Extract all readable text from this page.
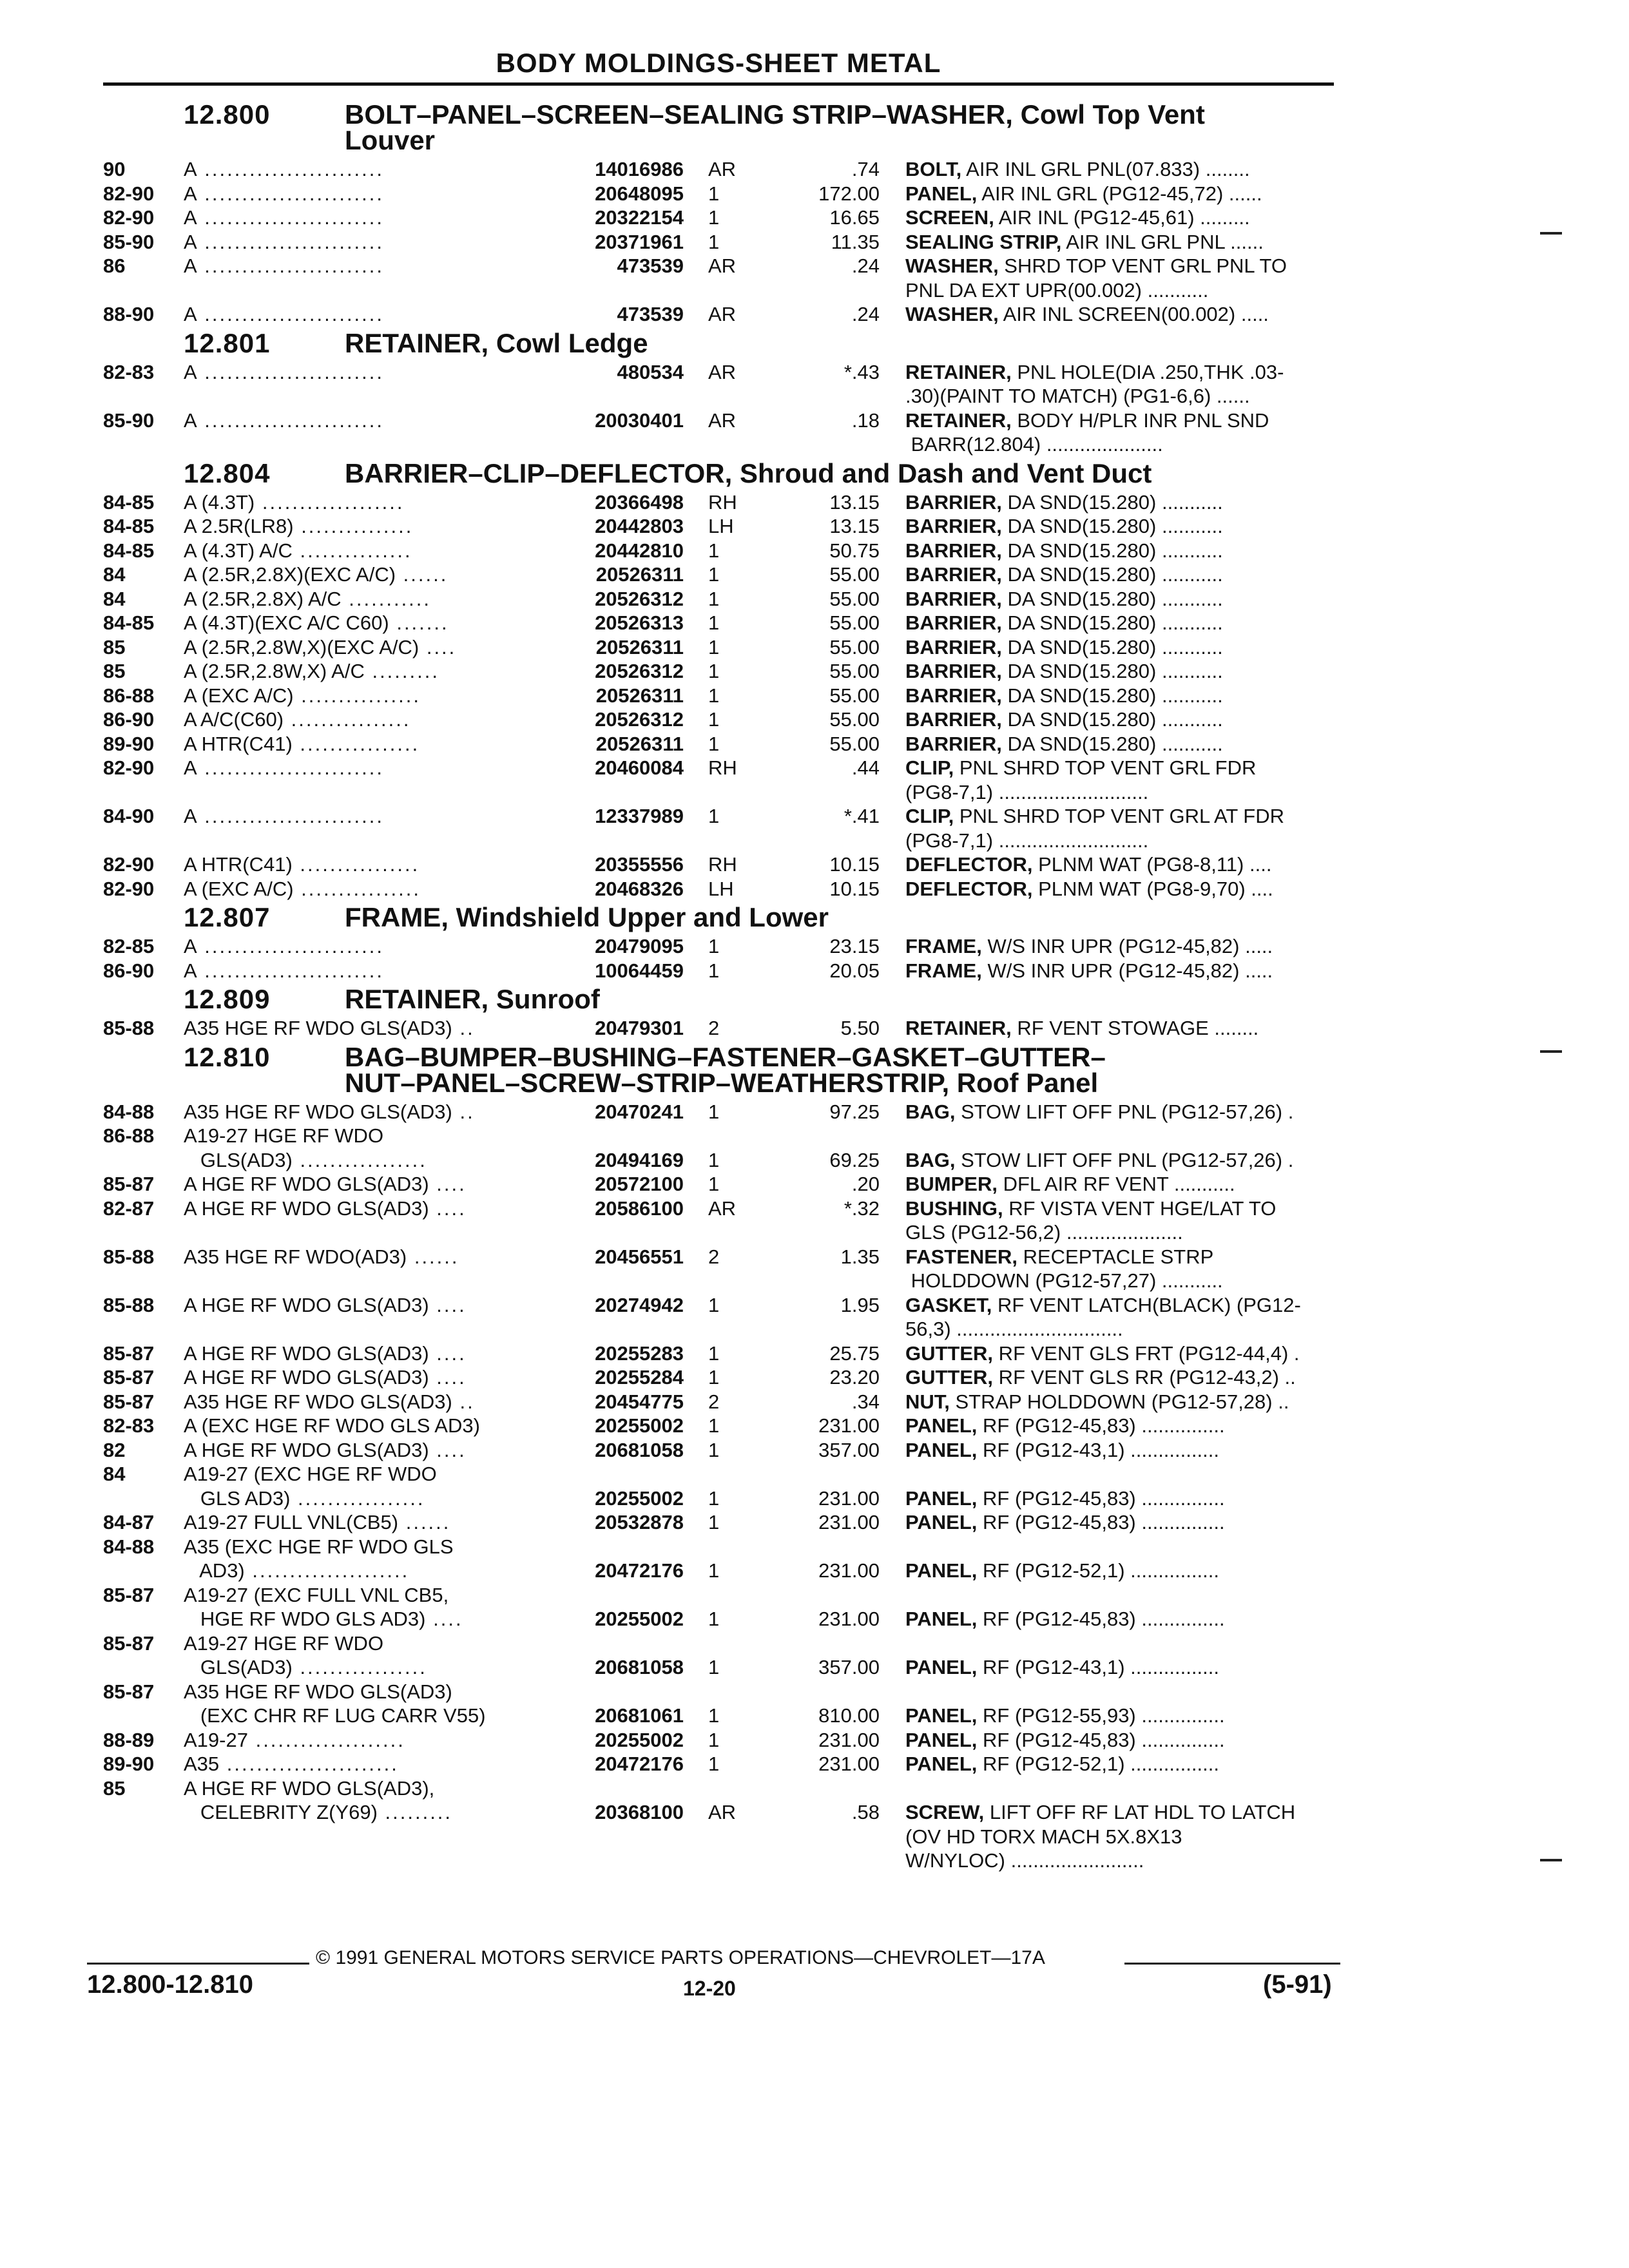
BODY MOLDINGS-SHEET METAL
12.800	BOLT–PANEL–SCREEN–SEALING STRIP–WASHER, Cowl Top Vent
Louver
90	A ........................	14016986	AR	.74 BOLT, AIR INL GRL PNL(07.833) ........
82-90	A ........................	20648095	1	172.00 PANEL, AIR INL GRL (PG12-45,72) ......
82-90	A ........................	20322154	1	16.65 SCREEN, AIR INL (PG12-45,61) .........
85-90	A ........................	20371961	1	11.35 SEALING STRIP, AIR INL GRL PNL ......
86	A ........................	473539	AR	.24 WASHER, SHRD TOP VENT GRL PNL TO
PNL DA EXT UPR(00.002) ...........
88-90	A ........................	473539	AR	.24 WASHER, AIR INL SCREEN(00.002) .....
12.801	RETAINER, Cowl Ledge
82-83	A ........................	480534	AR	*.43 RETAINER, PNL HOLE(DIA .250,THK .03-
.30)(PAINT TO MATCH) (PG1-6,6) ......
85-90	A ........................	20030401	AR	.18 RETAINER, BODY H/PLR INR PNL SND
BARR(12.804) .....................
12.804	BARRIER–CLIP–DEFLECTOR, Shroud and Dash and Vent Duct
84-85	A (4.3T) ...................	20366498	RH	13.15 BARRIER, DA SND(15.280) ...........
84-85	A 2.5R(LR8) ...............	20442803	LH	13.15 BARRIER, DA SND(15.280) ...........
84-85	A (4.3T) A/C ...............	20442810	1	50.75 BARRIER, DA SND(15.280) ...........
84	A (2.5R,2.8X)(EXC A/C) ......	20526311	1	55.00 BARRIER, DA SND(15.280) ...........
84	A (2.5R,2.8X) A/C ...........	20526312	1	55.00 BARRIER, DA SND(15.280) ...........
84-85	A (4.3T)(EXC A/C C60) .......	20526313	1	55.00 BARRIER, DA SND(15.280) ...........
85	A (2.5R,2.8W,X)(EXC A/C) ....	20526311	1	55.00 BARRIER, DA SND(15.280) ...........
85	A (2.5R,2.8W,X) A/C .........	20526312	1	55.00 BARRIER, DA SND(15.280) ...........
86-88	A (EXC A/C) ................	20526311	1	55.00 BARRIER, DA SND(15.280) ...........
86-90	A A/C(C60) ................	20526312	1	55.00 BARRIER, DA SND(15.280) ...........
89-90	A HTR(C41) ................	20526311	1	55.00 BARRIER, DA SND(15.280) ...........
82-90	A ........................	20460084	RH	.44 CLIP, PNL SHRD TOP VENT GRL FDR
(PG8-7,1) ...........................
84-90	A ........................	12337989	1	*.41 CLIP, PNL SHRD TOP VENT GRL AT FDR
(PG8-7,1) ...........................
82-90	A HTR(C41) ................	20355556	RH	10.15 DEFLECTOR, PLNM WAT (PG8-8,11) ....
82-90	A (EXC A/C) ................	20468326	LH	10.15 DEFLECTOR, PLNM WAT (PG8-9,70) ....
12.807	FRAME, Windshield Upper and Lower
82-85	A ........................	20479095	1	23.15 FRAME, W/S INR UPR (PG12-45,82) .....
86-90	A ........................	10064459	1	20.05 FRAME, W/S INR UPR (PG12-45,82) .....
12.809	RETAINER, Sunroof
85-88	A35 HGE RF WDO GLS(AD3) ..	20479301	2	5.50 RETAINER, RF VENT STOWAGE ........
12.810	BAG–BUMPER–BUSHING–FASTENER–GASKET–GUTTER–
NUT–PANEL–SCREW–STRIP–WEATHERSTRIP, Roof Panel
84-88	A35 HGE RF WDO GLS(AD3) ..	20470241	1	97.25 BAG, STOW LIFT OFF PNL (PG12-57,26) .
86-88	A19-27 HGE RF WDO
GLS(AD3) .................	20494169	1	69.25 BAG, STOW LIFT OFF PNL (PG12-57,26) .
85-87	A HGE RF WDO GLS(AD3) ....	20572100	1	.20 BUMPER, DFL AIR RF VENT ...........
82-87	A HGE RF WDO GLS(AD3) ....	20586100	AR	*.32 BUSHING, RF VISTA VENT HGE/LAT TO
GLS (PG12-56,2) .....................
85-88	A35 HGE RF WDO(AD3) ......	20456551	2	1.35 FASTENER, RECEPTACLE STRP
HOLDDOWN (PG12-57,27) ...........
85-88	A HGE RF WDO GLS(AD3) ....	20274942	1	1.95 GASKET, RF VENT LATCH(BLACK) (PG12-
56,3) ..............................
85-87	A HGE RF WDO GLS(AD3) ....	20255283	1	25.75 GUTTER, RF VENT GLS FRT (PG12-44,4) .
85-87	A HGE RF WDO GLS(AD3) ....	20255284	1	23.20 GUTTER, RF VENT GLS RR (PG12-43,2) ..
85-87	A35 HGE RF WDO GLS(AD3) ..	20454775	2	.34 NUT, STRAP HOLDDOWN (PG12-57,28) ..
82-83	A (EXC HGE RF WDO GLS AD3)	20255002	1	231.00 PANEL, RF (PG12-45,83) ...............
82	A HGE RF WDO GLS(AD3) ....	20681058	1	357.00 PANEL, RF (PG12-43,1) ................
84	A19-27 (EXC HGE RF WDO
GLS AD3) .................	20255002	1	231.00 PANEL, RF (PG12-45,83) ...............
84-87	A19-27 FULL VNL(CB5) ......	20532878	1	231.00 PANEL, RF (PG12-45,83) ...............
84-88	A35 (EXC HGE RF WDO GLS
AD3) .....................	20472176	1	231.00 PANEL, RF (PG12-52,1) ................
85-87	A19-27 (EXC FULL VNL CB5,
HGE RF WDO GLS AD3) ....	20255002	1	231.00 PANEL, RF (PG12-45,83) ...............
85-87	A19-27 HGE RF WDO
GLS(AD3) .................	20681058	1	357.00 PANEL, RF (PG12-43,1) ................
85-87	A35 HGE RF WDO GLS(AD3)
(EXC CHR RF LUG CARR V55)	20681061	1	810.00 PANEL, RF (PG12-55,93) ...............
88-89	A19-27 ....................	20255002	1	231.00 PANEL, RF (PG12-45,83) ...............
89-90	A35 .......................	20472176	1	231.00 PANEL, RF (PG12-52,1) ................
85	A HGE RF WDO GLS(AD3),
CELEBRITY Z(Y69) .........	20368100	AR	.58 SCREW, LIFT OFF RF LAT HDL TO LATCH
(OV HD TORX MACH 5X.8X13
W/NYLOC) ........................
© 1991 GENERAL MOTORS SERVICE PARTS OPERATIONS—CHEVROLET—17A
12.800-12.810	12-20	(5-91)
